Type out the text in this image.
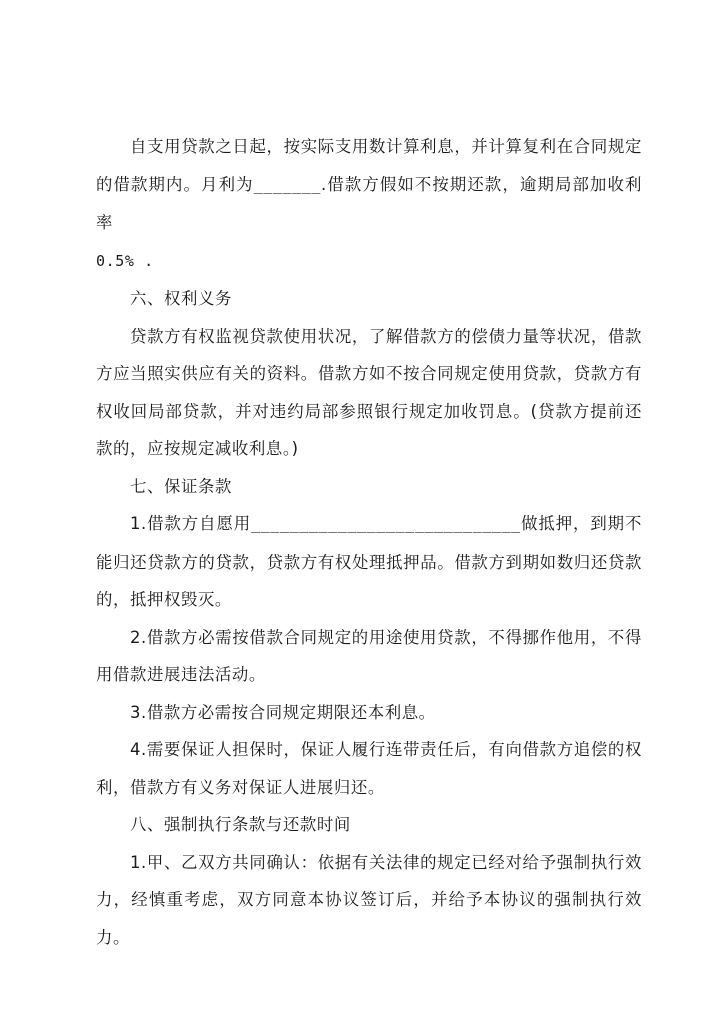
自支用贷款之日起，按实际支用数计算利息，并计算复利在合同规定的借款期内。月利为_______.借款方假如不按期还款，逾期局部加收利率
0.5% .

六、权利义务

贷款方有权监视贷款使用状况，了解借款方的偿债力量等状况，借款方应当照实供应有关的资料。借款方如不按合同规定使用贷款，贷款方有权收回局部贷款，并对违约局部参照银行规定加收罚息。(贷款方提前还款的，应按规定减收利息。)

七、保证条款

1.借款方自愿用____________________________做抵押，到期不能归还贷款方的贷款，贷款方有权处理抵押品。借款方到期如数归还贷款的，抵押权毁灭。

2.借款方必需按借款合同规定的用途使用贷款，不得挪作他用，不得用借款进展违法活动。

3.借款方必需按合同规定期限还本利息。

4.需要保证人担保时，保证人履行连带责任后，有向借款方追偿的权利，借款方有义务对保证人进展归还。

八、强制执行条款与还款时间

1.甲、乙双方共同确认：依据有关法律的规定已经对给予强制执行效力，经慎重考虑，双方同意本协议签订后，并给予本协议的强制执行效力。
